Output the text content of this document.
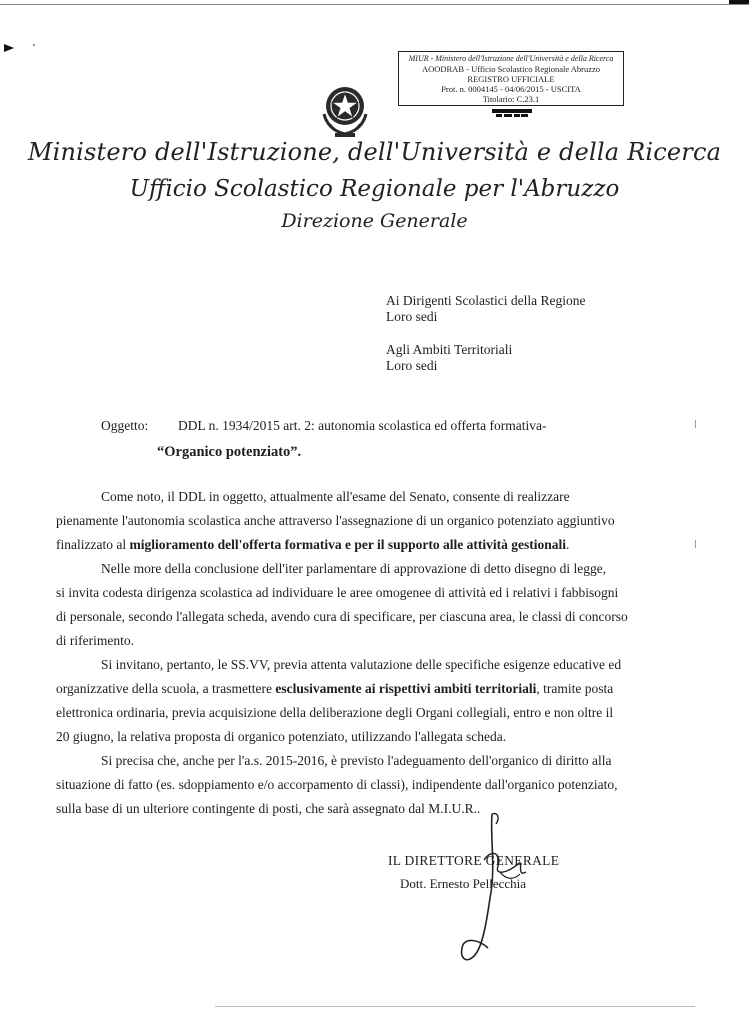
MIUR - Ministero dell'Istruzione dell'Università e della Ricerca
AOODRAB - Ufficio Scolastico Regionale Abruzzo
REGISTRO UFFICIALE
Prot. n. 0004145 - 04/06/2015 - USCITA
Titolario: C.23.1
Ministero dell'Istruzione, dell'Università e della Ricerca
Ufficio Scolastico Regionale per l'Abruzzo
Direzione Generale

Ai Dirigenti Scolastici della Regione

Loro sedi

Agli Ambiti Territoriali

Loro sedi

Oggetto: DDL n. 1934/2015 art. 2: autonomia scolastica ed offerta formativa-
“Organico potenziato”.
Come noto, il DDL in oggetto, attualmente all'esame del Senato, consente di realizzare
pienamente l'autonomia scolastica anche attraverso l'assegnazione di un organico potenziato aggiuntivo
finalizzato al miglioramento dell'offerta formativa e per il supporto alle attività gestionali.
Nelle more della conclusione dell'iter parlamentare di approvazione di detto disegno di legge,
si invita codesta dirigenza scolastica ad individuare le aree omogenee di attività ed i relativi i fabbisogni
di personale, secondo l'allegata scheda, avendo cura di specificare, per ciascuna area, le classi di concorso
di riferimento.
Si invitano, pertanto, le SS.VV, previa attenta valutazione delle specifiche esigenze educative ed
organizzative della scuola, a trasmettere esclusivamente ai rispettivi ambiti territoriali, tramite posta
elettronica ordinaria, previa acquisizione della deliberazione degli Organi collegiali, entro e non oltre il
20 giugno, la relativa proposta di organico potenziato, utilizzando l'allegata scheda.
Si precisa che, anche per l'a.s. 2015-2016, è previsto l'adeguamento dell'organico di diritto alla
situazione di fatto (es. sdoppiamento e/o accorpamento di classi), indipendente dall'organico potenziato,
sulla base di un ulteriore contingente di posti, che sarà assegnato dal M.I.U.R..
IL DIRETTORE GENERALE
Dott. Ernesto Pellecchia
